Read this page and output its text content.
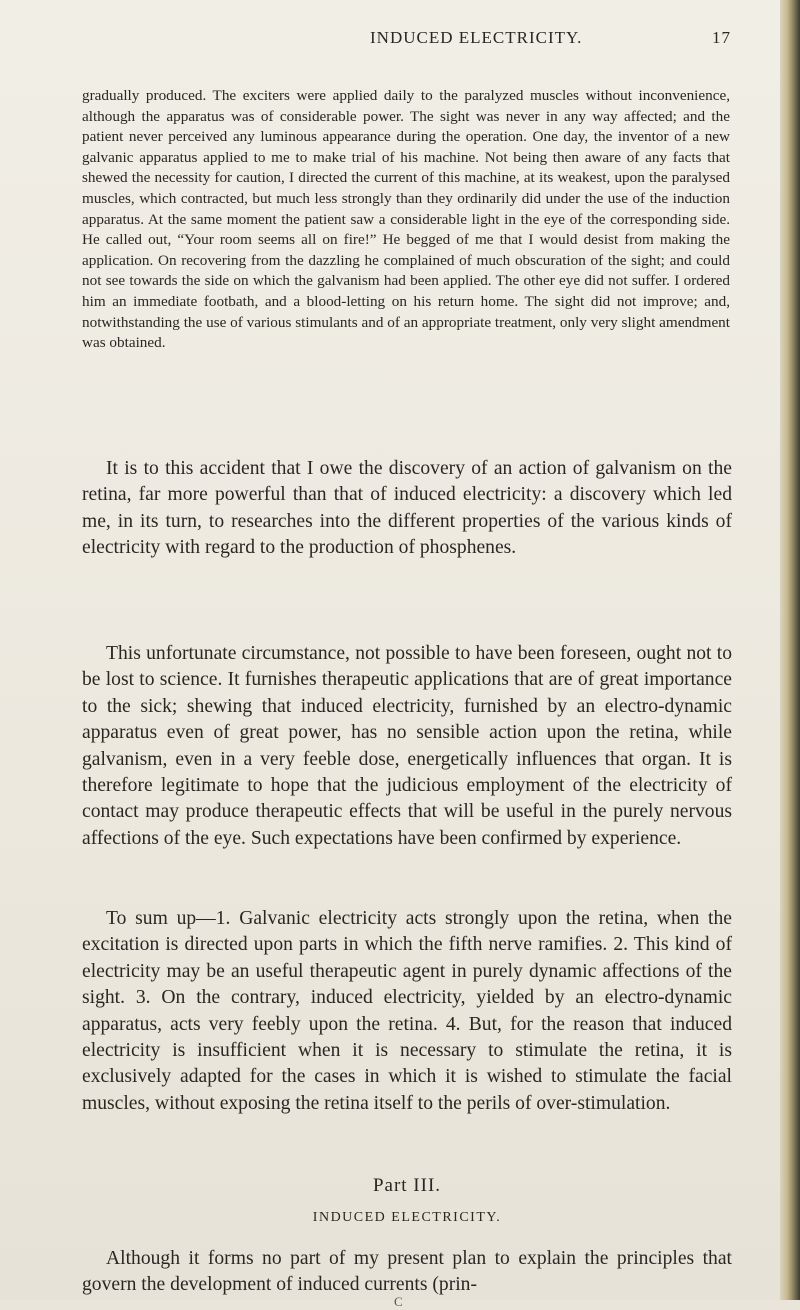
INDUCED ELECTRICITY.	17

gradually produced. The exciters were applied daily to the paralyzed muscles without inconvenience, although the apparatus was of considerable power. The sight was never in any way affected; and the patient never perceived any luminous appearance during the operation. One day, the inventor of a new galvanic apparatus applied to me to make trial of his machine. Not being then aware of any facts that shewed the necessity for caution, I directed the current of this machine, at its weakest, upon the paralysed muscles, which contracted, but much less strongly than they ordinarily did under the use of the induction apparatus. At the same moment the patient saw a considerable light in the eye of the corresponding side. He called out, “Your room seems all on fire!” He begged of me that I would desist from making the application. On recovering from the dazzling he complained of much obscuration of the sight; and could not see towards the side on which the galvanism had been applied. The other eye did not suffer. I ordered him an immediate footbath, and a blood-letting on his return home. The sight did not improve; and, notwithstanding the use of various stimulants and of an appropriate treatment, only very slight amendment was obtained.

It is to this accident that I owe the discovery of an action of galvanism on the retina, far more powerful than that of induced electricity: a discovery which led me, in its turn, to researches into the different properties of the various kinds of electricity with regard to the production of phosphenes.

This unfortunate circumstance, not possible to have been foreseen, ought not to be lost to science. It furnishes therapeutic applications that are of great importance to the sick; shewing that induced electricity, furnished by an electro-dynamic apparatus even of great power, has no sensible action upon the retina, while galvanism, even in a very feeble dose, energetically influences that organ. It is therefore legitimate to hope that the judicious employment of the electricity of contact may produce therapeutic effects that will be useful in the purely nervous affections of the eye. Such expectations have been confirmed by experience.

To sum up—1. Galvanic electricity acts strongly upon the retina, when the excitation is directed upon parts in which the fifth nerve ramifies. 2. This kind of electricity may be an useful therapeutic agent in purely dynamic affections of the sight. 3. On the contrary, induced electricity, yielded by an electro-dynamic apparatus, acts very feebly upon the retina. 4. But, for the reason that induced electricity is insufficient when it is necessary to stimulate the retina, it is exclusively adapted for the cases in which it is wished to stimulate the facial muscles, without exposing the retina itself to the perils of over-stimulation.

Part III.
INDUCED ELECTRICITY.

Although it forms no part of my present plan to explain the principles that govern the development of induced currents (prin-

C
